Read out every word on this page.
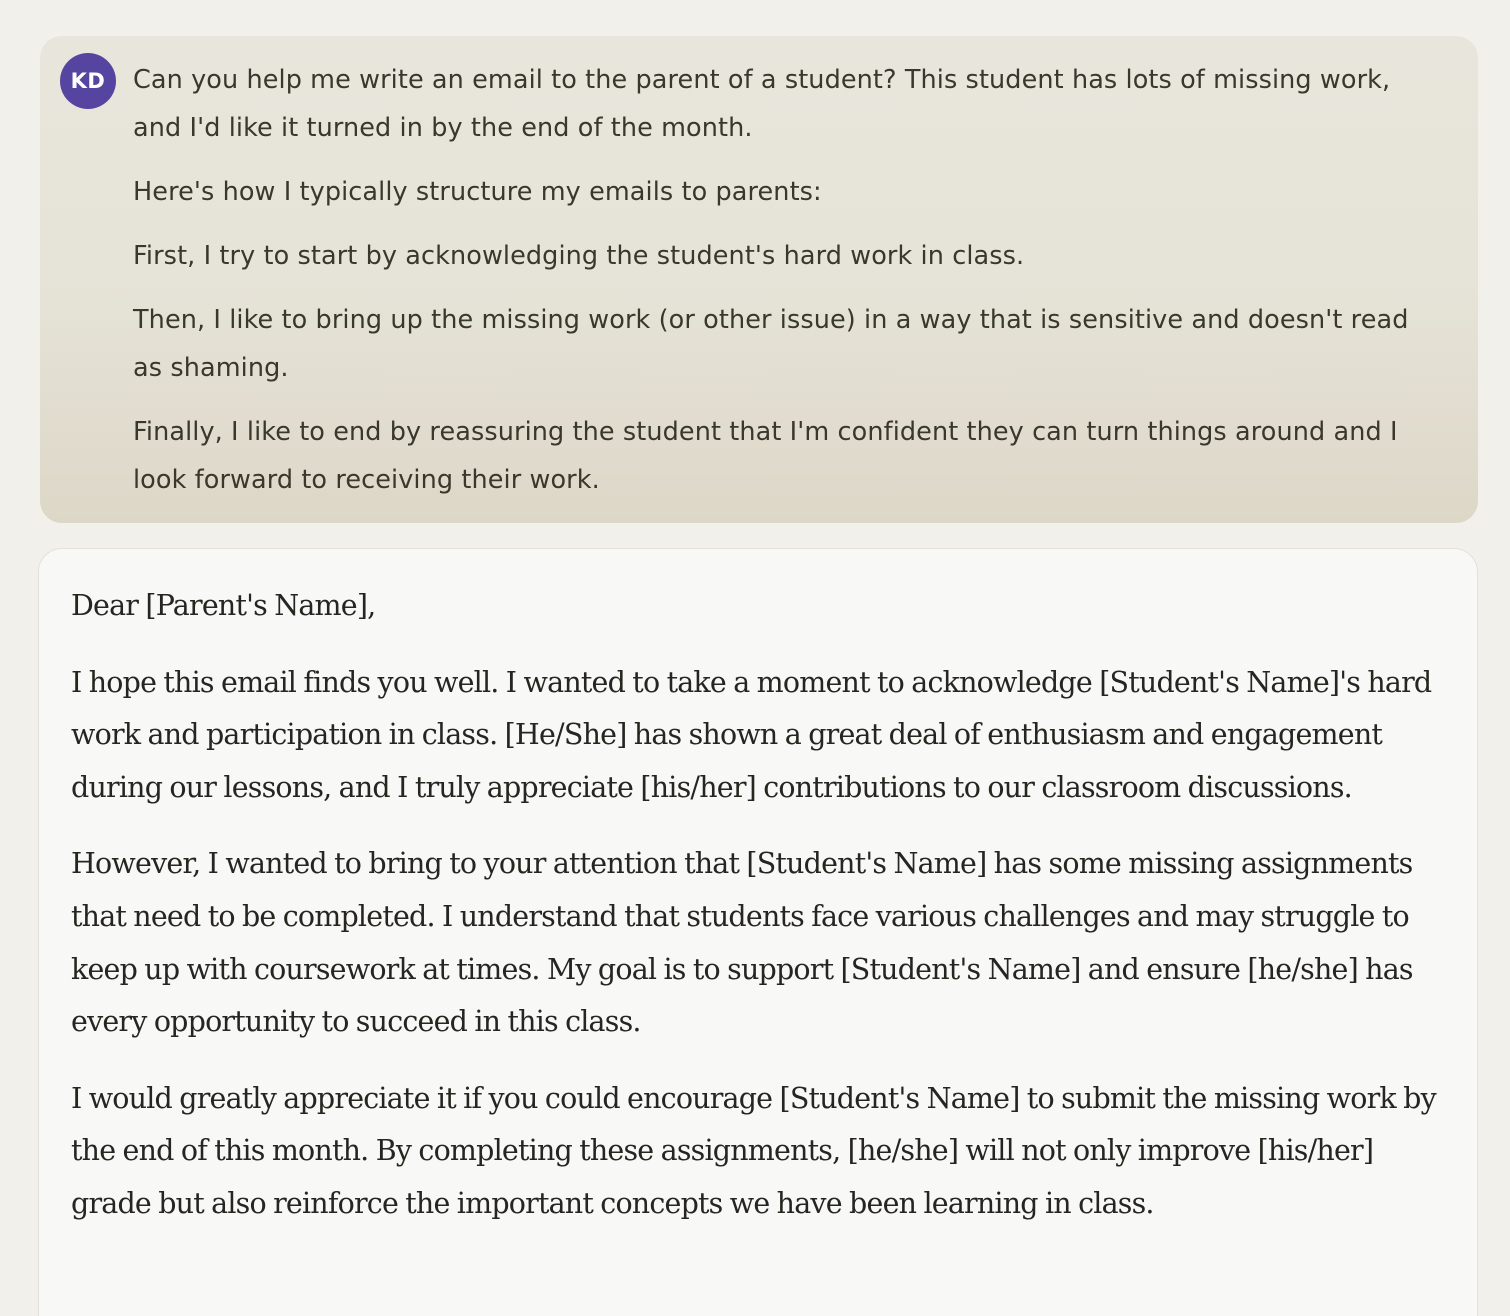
KD	Can you help me write an email to the parent of a student? This student has lots of missing work, and I'd like it turned in by the end of the month.

Here's how I typically structure my emails to parents:

First, I try to start by acknowledging the student's hard work in class.

Then, I like to bring up the missing work (or other issue) in a way that is sensitive and doesn't read as shaming.

Finally, I like to end by reassuring the student that I'm confident they can turn things around and I look forward to receiving their work.

Dear [Parent's Name],

I hope this email finds you well. I wanted to take a moment to acknowledge [Student's Name]'s hard work and participation in class. [He/She] has shown a great deal of enthusiasm and engagement during our lessons, and I truly appreciate [his/her] contributions to our classroom discussions.

However, I wanted to bring to your attention that [Student's Name] has some missing assignments that need to be completed. I understand that students face various challenges and may struggle to keep up with coursework at times. My goal is to support [Student's Name] and ensure [he/she] has every opportunity to succeed in this class.

I would greatly appreciate it if you could encourage [Student's Name] to submit the missing work by the end of this month. By completing these assignments, [he/she] will not only improve [his/her] grade but also reinforce the important concepts we have been learning in class.
